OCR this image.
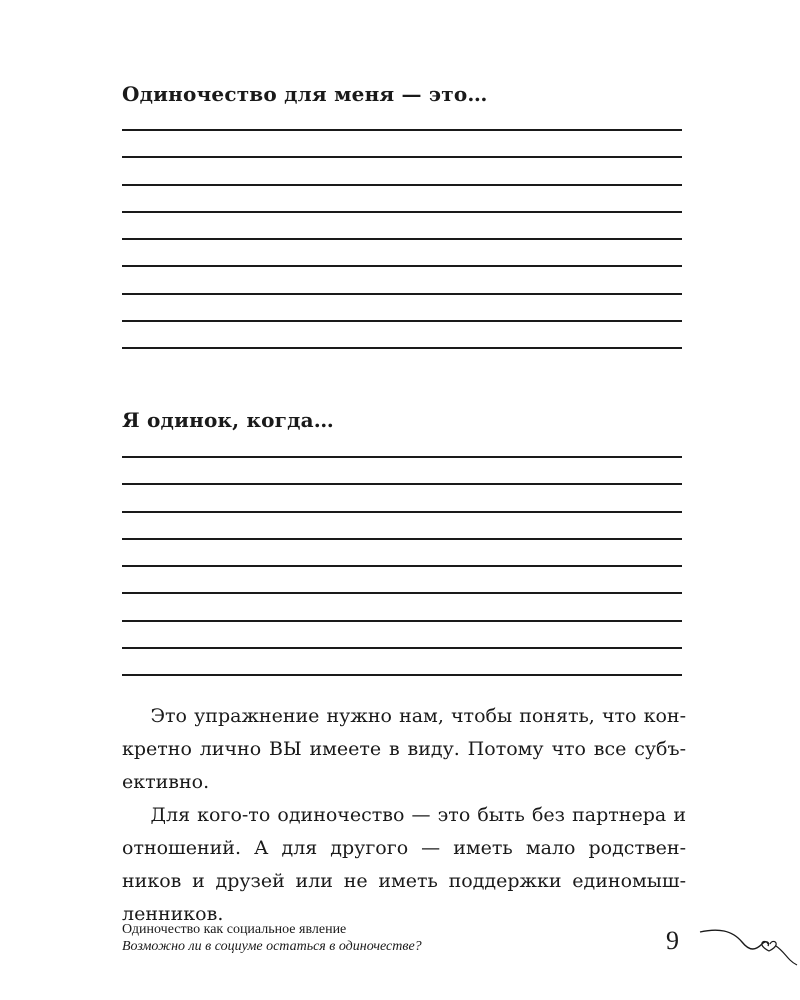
Одиночество для меня — это…
Я одинок, когда…

Это упражнение нужно нам, чтобы понять, что конкретно лично ВЫ имеете в виду. Потому что все субъективно.

Для кого-то одиночество — это быть без партнера и отношений. А для другого — иметь мало родственников и друзей или не иметь поддержки единомышленников.

Одиночество как социальное явление
Возможно ли в социуме остаться в одиночестве?	9
